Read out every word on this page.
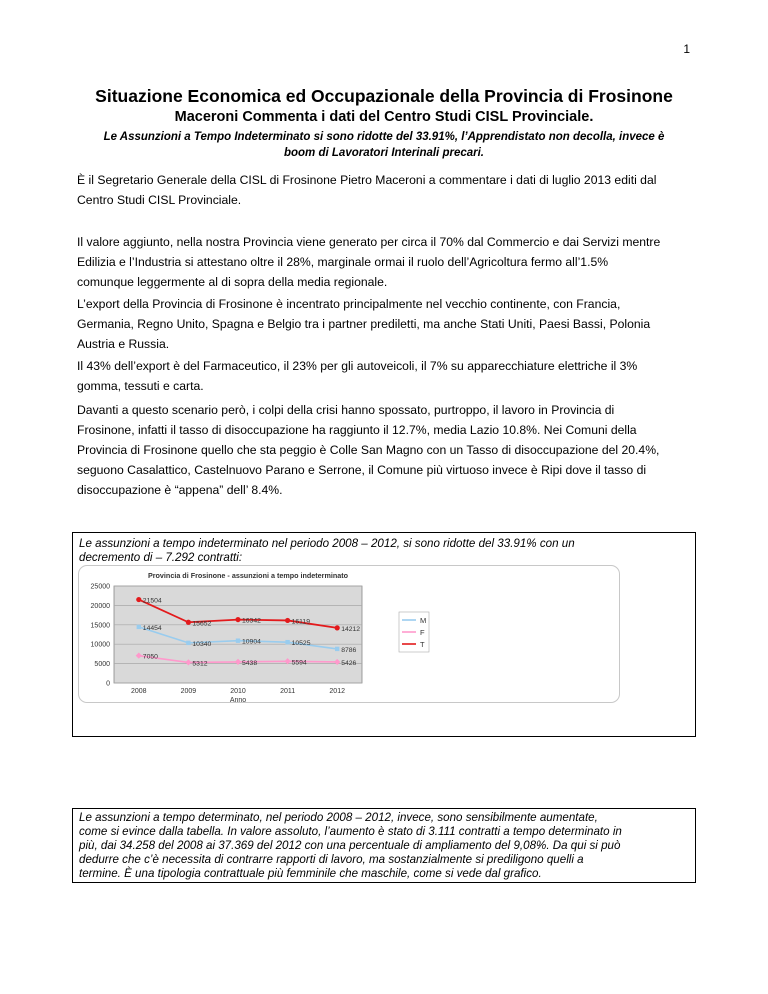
1
Situazione Economica ed Occupazionale della Provincia di Frosinone
Maceroni Commenta i dati del Centro Studi CISL Provinciale.
Le Assunzioni a Tempo Indeterminato si sono ridotte del 33.91%, l’Apprendistato non decolla, invece è
boom di Lavoratori Interinali precari.
È il Segretario Generale della CISL di Frosinone Pietro Maceroni a commentare i dati di luglio 2013 editi dal
Centro Studi CISL Provinciale.
Il valore aggiunto, nella nostra Provincia viene generato per circa il 70% dal Commercio e dai Servizi mentre
Edilizia e l’Industria si attestano oltre il 28%, marginale ormai il ruolo dell’Agricoltura fermo all’1.5%
comunque leggermente al di sopra della media regionale.
L’export della Provincia di Frosinone è incentrato principalmente nel vecchio continente, con Francia,
Germania, Regno Unito, Spagna e Belgio tra i partner prediletti, ma anche Stati Uniti, Paesi Bassi, Polonia
Austria e Russia.
Il 43% dell’export è del Farmaceutico, il 23% per gli autoveicoli, il 7% su apparecchiature elettriche il 3%
gomma, tessuti e carta.
Davanti a questo scenario però, i colpi della crisi hanno spossato, purtroppo, il lavoro in Provincia di
Frosinone, infatti il tasso di disoccupazione ha raggiunto il 12.7%, media Lazio 10.8%. Nei Comuni della
Provincia di Frosinone quello che sta peggio è Colle San Magno con un Tasso di disoccupazione del 20.4%,
seguono Casalattico, Castelnuovo Parano e Serrone, il Comune più virtuoso invece è Ripi dove il tasso di
disoccupazione è “appena” dell’ 8.4%.
Le assunzioni a tempo indeterminato nel periodo 2008 – 2012, si sono ridotte del 33.91% con un
decremento di – 7.292 contratti:
Provincia di Frosinone - assunzioni a tempo indeterminato
0
5000
10000
15000
20000
25000
2008	2009	2010	2011	2012
Anno
14454
10340	10904	10525
8786
7050
5312	5438	5594	5426
21504
15652	16342	16119
14212
M
F
T
Le assunzioni a tempo determinato, nel periodo 2008 – 2012, invece, sono sensibilmente aumentate,
come si evince dalla tabella. In valore assoluto, l’aumento è stato di 3.111 contratti a tempo determinato in
più, dai 34.258 del 2008 ai 37.369 del 2012 con una percentuale di ampliamento del 9,08%. Da qui si può
dedurre che c’è necessita di contrarre rapporti di lavoro, ma sostanzialmente si prediligono quelli a
termine. È una tipologia contrattuale più femminile che maschile, come si vede dal grafico.
